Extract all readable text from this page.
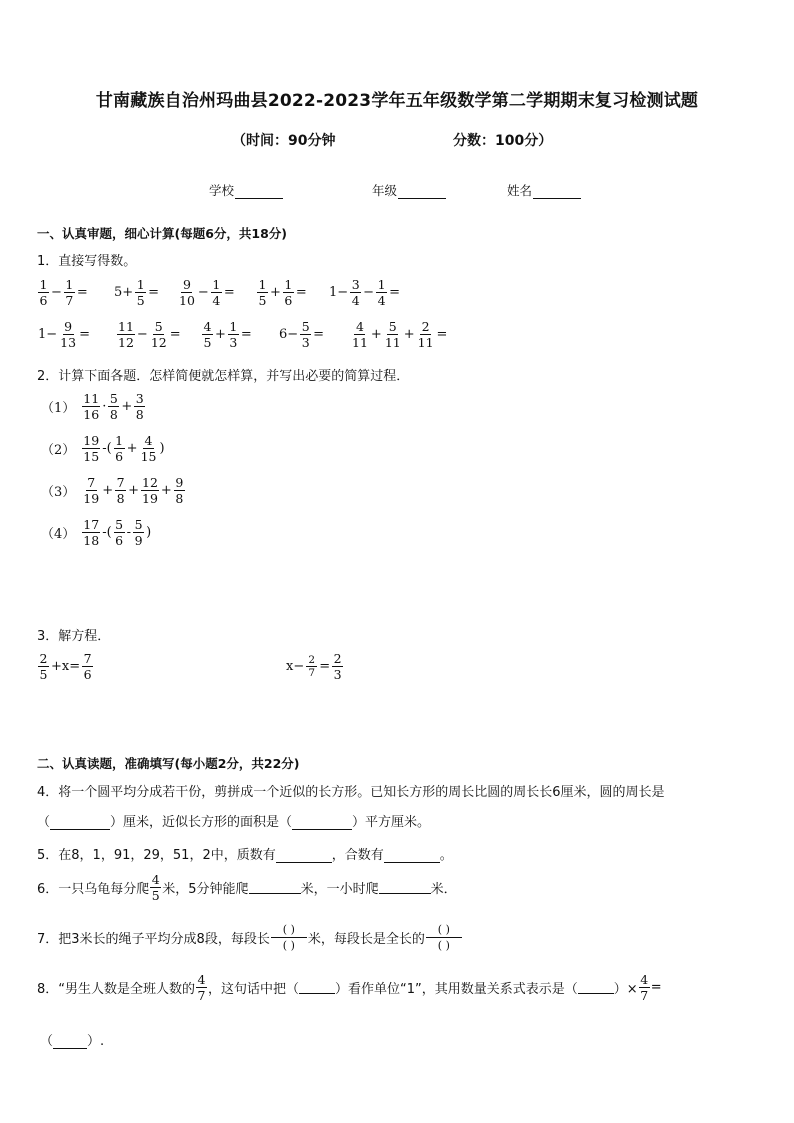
甘南藏族自治州玛曲县2022-2023学年五年级数学第二学期期末复习检测试题
（时间：90分钟	分数：100分）
学校	年级	姓名
一、认真审题，细心计算(每题6分，共18分)
1．直接写得数。
$\frac{1}{6} - \frac{1}{7} = 5+ \frac{1}{5} = \frac{9}{10} - \frac{1}{4} = \frac{1}{5} + \frac{1}{6} = 1- \frac{3}{4} - \frac{1}{4}$ =
$1- \frac{9}{13} = \frac{11}{12} - \frac{5}{12} = \frac{4}{5} + \frac{1}{3} = 6- \frac{5}{3} = \frac{4}{11} + \frac{5}{11} + \frac{2}{11}$ =
2．计算下面各题．怎样简便就怎样算，并写出必要的简算过程．
$(1) \frac{11}{16} \cdot \frac{5}{8} + \frac{3}{8}$
$(2) \frac{19}{15}$ -( $\frac{1}{6} + \frac{4}{15}$ )
$(3) \frac{7}{19} + \frac{7}{8} + \frac{12}{19} + \frac{9}{8}$
$(4) \frac{17}{18}$ -( $\frac{5}{6} - \frac{5}{9}$ )
3．解方程．
$\frac{2}{5} +x= \frac{7}{6}$	$x- \frac{2}{7} = \frac{2}{3}$
二、认真读题，准确填写(每小题2分，共22分)
4．将一个圆平均分成若干份，剪拼成一个近似的长方形。已知长方形的周长比圆的周长长6厘米，圆的周长是
（	）厘米，近似长方形的面积是（	）平方厘米。
5．在8，1，91，29，51，2中，质数有	，合数有	。
6．一只乌龟每分爬 $\frac{4}{5}$ 米，5分钟能爬	米，一小时爬	米．
7．把3米长的绳子平均分成8段，每段长 $\frac{( )}{( )}$ 米，每段长是全长的 $\frac{( )}{( )}$
8．“男生人数是全班人数的 $\frac{4}{7}$ ，这句话中把（	）看作单位“1”，其用数量关系式表示是（	）× $\frac{4}{7}$ =
（	）.
